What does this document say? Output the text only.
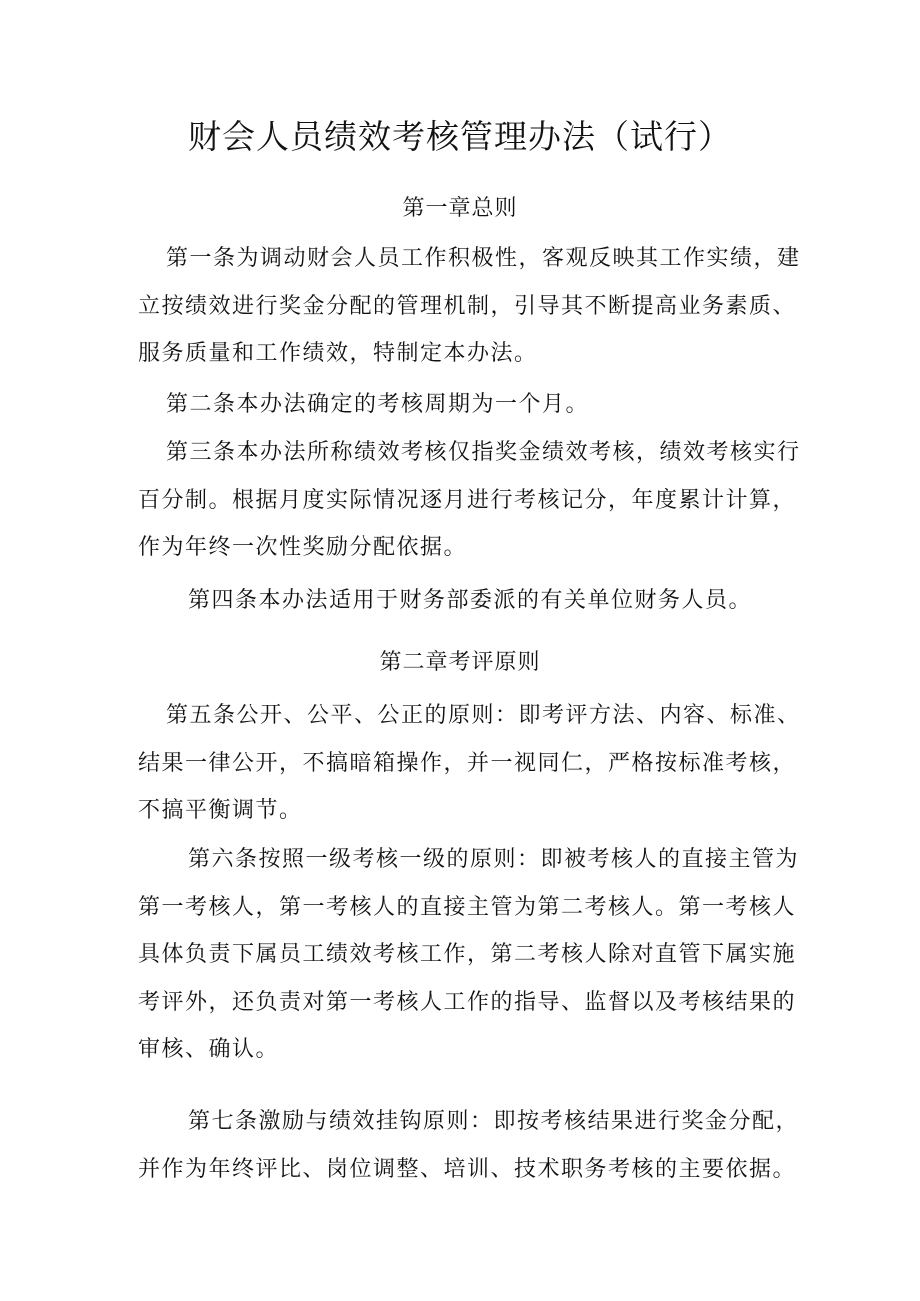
财会人员绩效考核管理办法（试行）
第一章总则
第一条为调动财会人员工作积极性，客观反映其工作实绩，建
立按绩效进行奖金分配的管理机制，引导其不断提高业务素质、
服务质量和工作绩效，特制定本办法。
第二条本办法确定的考核周期为一个月。
第三条本办法所称绩效考核仅指奖金绩效考核，绩效考核实行
百分制。根据月度实际情况逐月进行考核记分，年度累计计算，
作为年终一次性奖励分配依据。
第四条本办法适用于财务部委派的有关单位财务人员。
第二章考评原则
第五条公开、公平、公正的原则：即考评方法、内容、标准、
结果一律公开，不搞暗箱操作，并一视同仁，严格按标准考核，
不搞平衡调节。
第六条按照一级考核一级的原则：即被考核人的直接主管为
第一考核人，第一考核人的直接主管为第二考核人。第一考核人
具体负责下属员工绩效考核工作，第二考核人除对直管下属实施
考评外，还负责对第一考核人工作的指导、监督以及考核结果的
审核、确认。
第七条激励与绩效挂钩原则：即按考核结果进行奖金分配，
并作为年终评比、岗位调整、培训、技术职务考核的主要依据。
